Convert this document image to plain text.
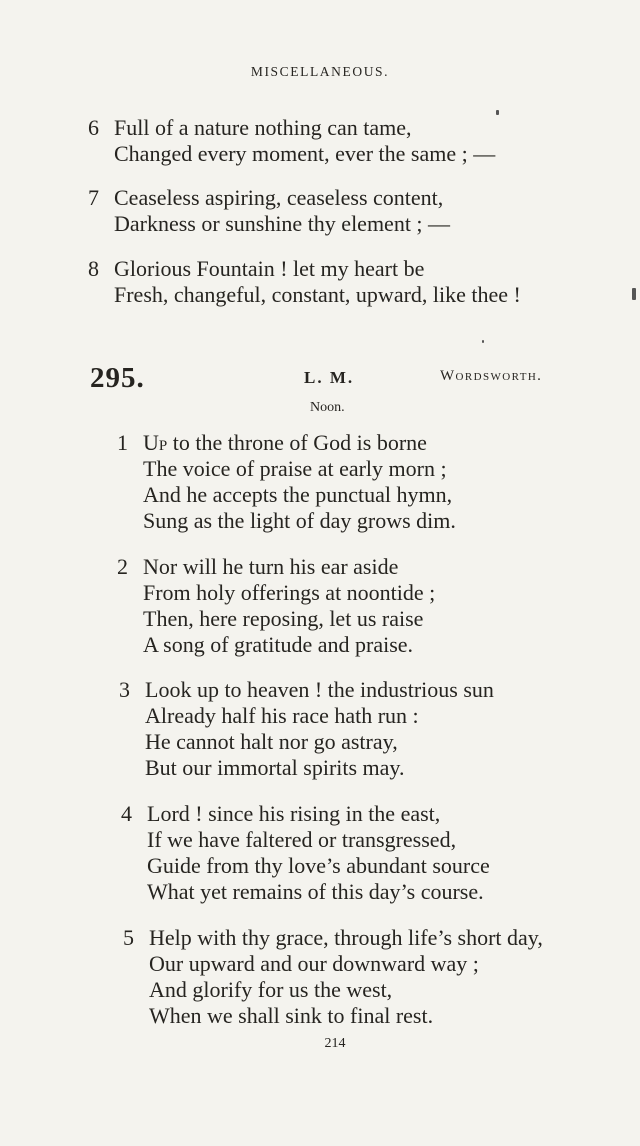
MISCELLANEOUS.
6 Full of a nature nothing can tame,
Changed every moment, ever the same ; —
7 Ceaseless aspiring, ceaseless content,
Darkness or sunshine thy element ; —
8 Glorious Fountain ! let my heart be
Fresh, changeful, constant, upward, like thee !
295.	L. M.	Wordsworth.
Noon.
1 Up to the throne of God is borne
The voice of praise at early morn ;
And he accepts the punctual hymn,
Sung as the light of day grows dim.
2 Nor will he turn his ear aside
From holy offerings at noontide ;
Then, here reposing, let us raise
A song of gratitude and praise.
3 Look up to heaven ! the industrious sun
Already half his race hath run :
He cannot halt nor go astray,
But our immortal spirits may.
4 Lord ! since his rising in the east,
If we have faltered or transgressed,
Guide from thy love’s abundant source
What yet remains of this day’s course.
5 Help with thy grace, through life’s short day,
Our upward and our downward way ;
And glorify for us the west,
When we shall sink to final rest.
214
